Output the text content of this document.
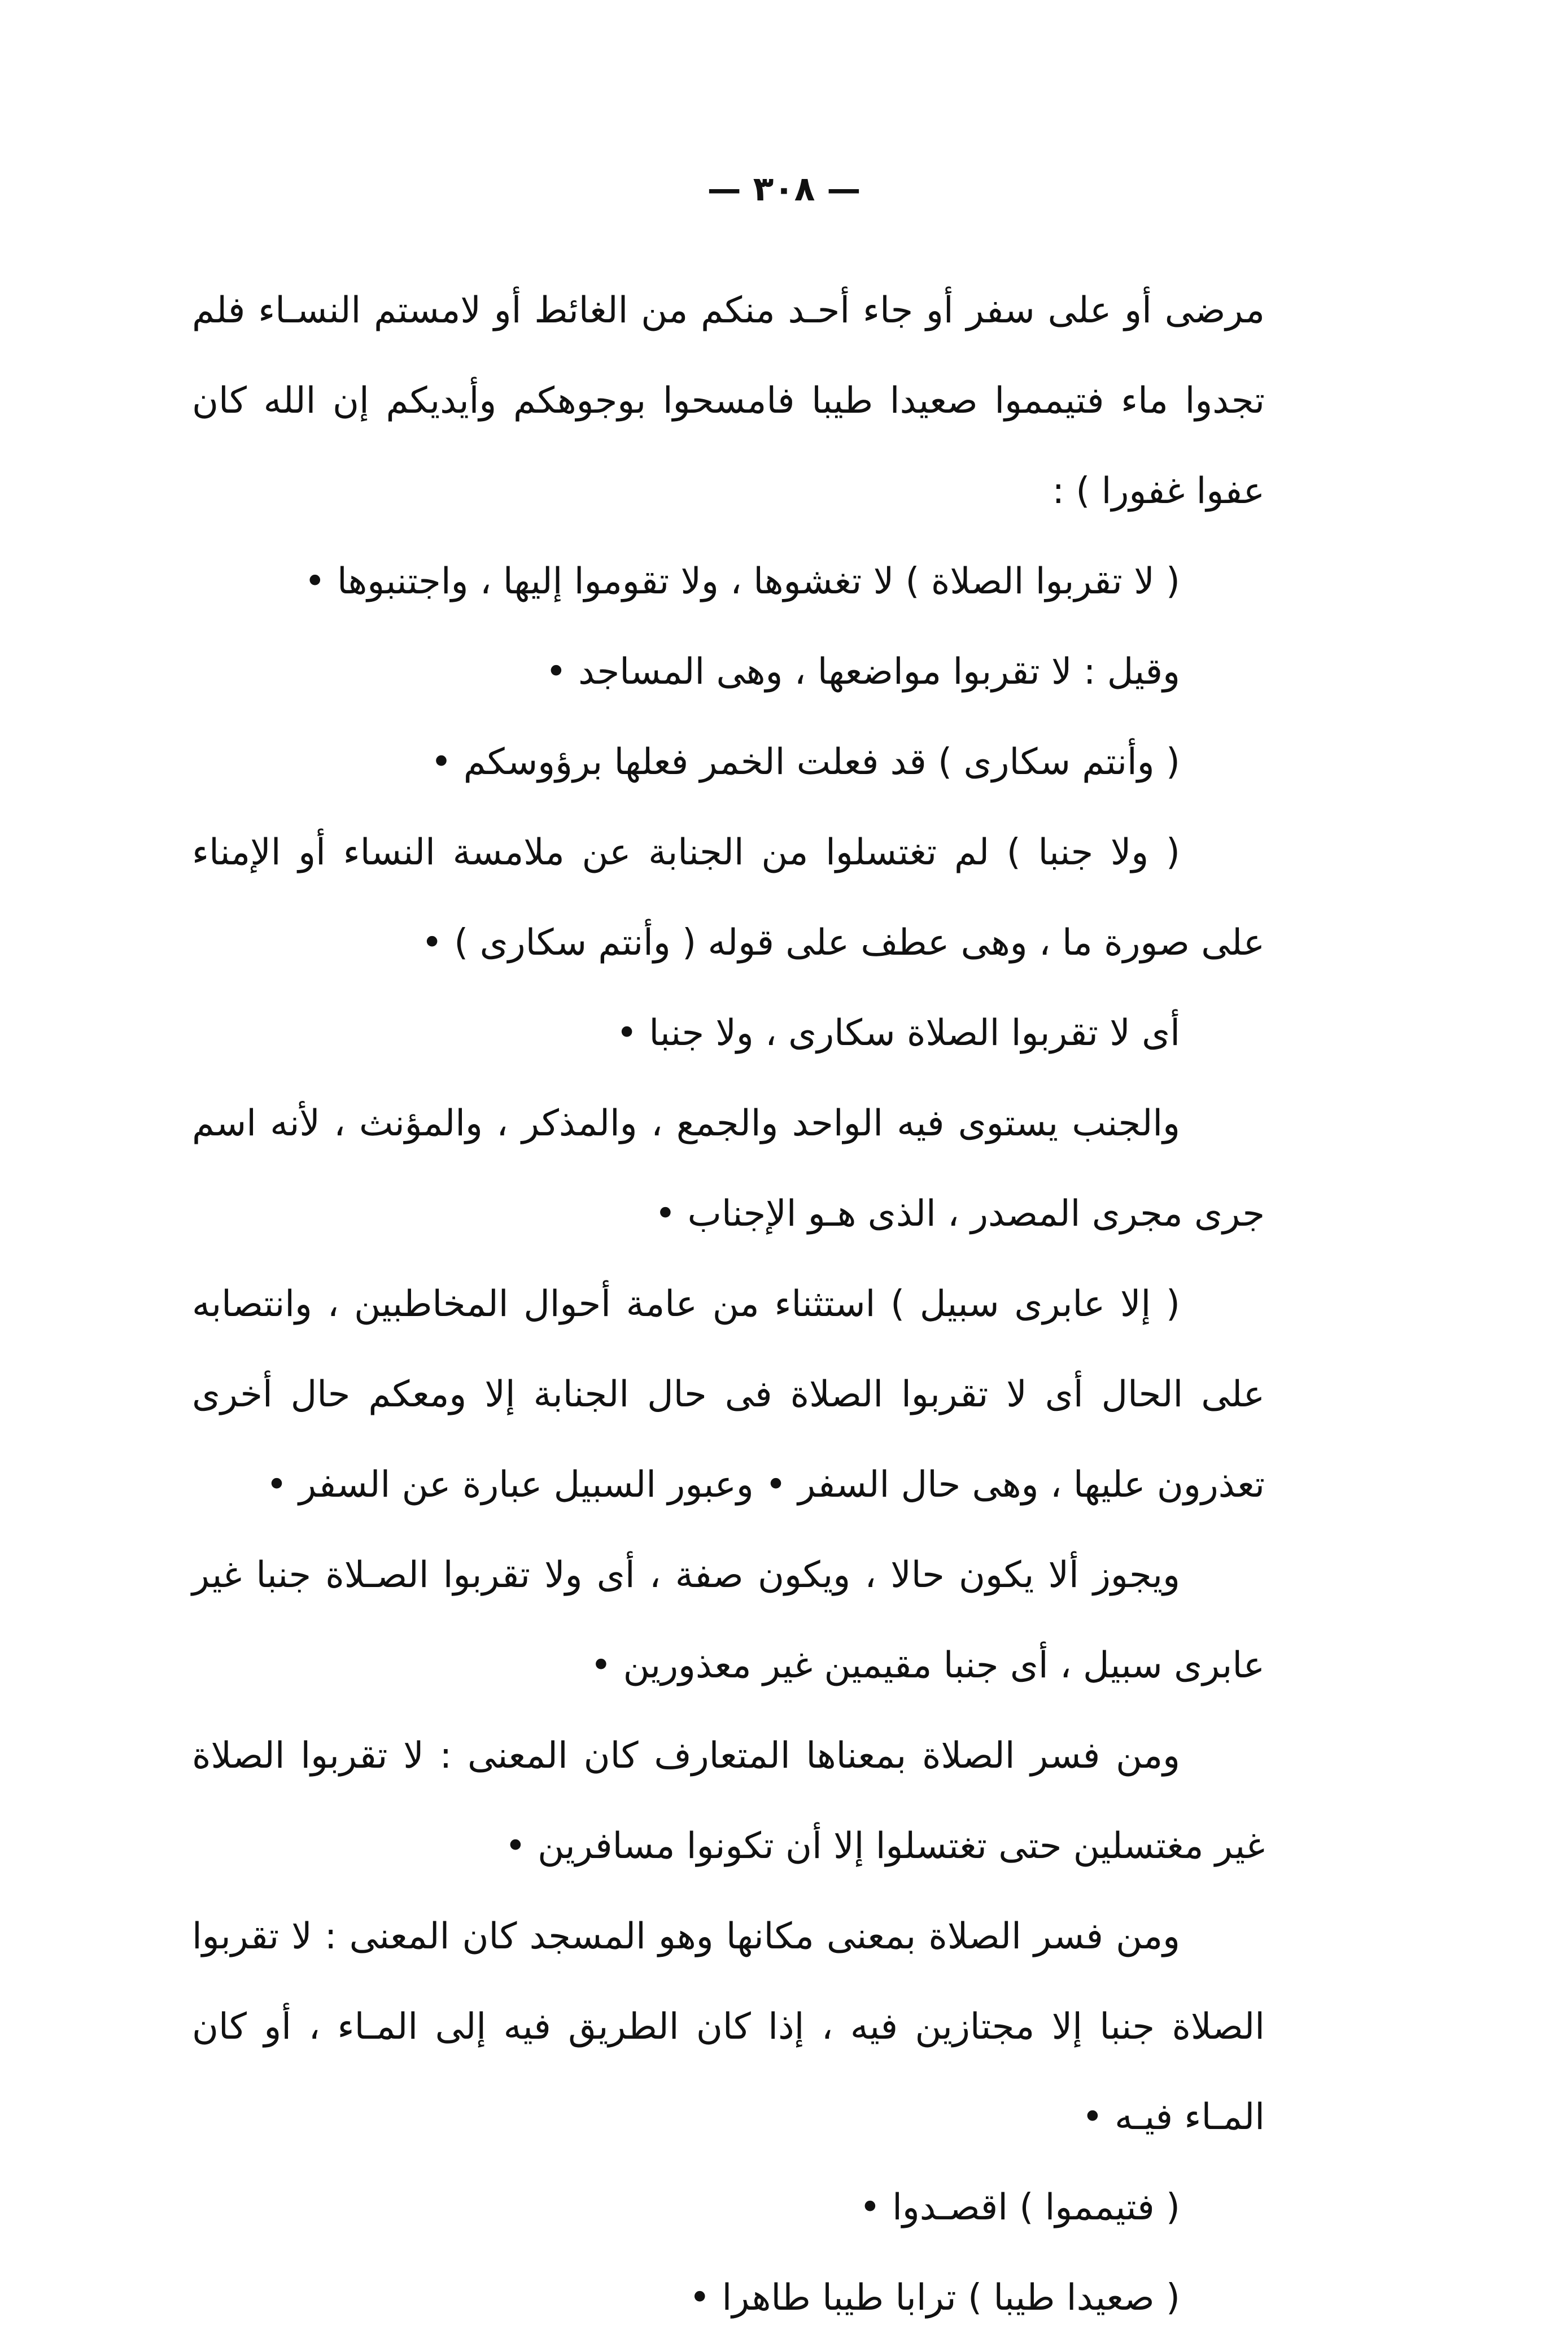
— ٣٠٨ —

مرضى أو على سفر أو جاء أحـد منكم من الغائط أو لامستم النسـاء فلم تجدوا ماء فتيمموا صعيدا طيبا فامسحوا بوجوهكم وأيديكم إن الله كان عفوا غفورا ) :

( لا تقربوا الصلاة ) لا تغشوها ، ولا تقوموا إليها ، واجتنبوها •

وقيل : لا تقربوا مواضعها ، وهى المساجد •

( وأنتم سكارى ) قد فعلت الخمر فعلها برؤوسكم •

( ولا جنبا ) لم تغتسلوا من الجنابة عن ملامسة النساء أو الإمناء على صورة ما ، وهى عطف على قوله ( وأنتم سكارى ) •

أى لا تقربوا الصلاة سكارى ، ولا جنبا •

والجنب يستوى فيه الواحد والجمع ، والمذكر ، والمؤنث ، لأنه اسم جرى مجرى المصدر ، الذى هـو الإجناب •

( إلا عابرى سبيل ) استثناء من عامة أحوال المخاطبين ، وانتصابه على الحال أى لا تقربوا الصلاة فى حال الجنابة إلا ومعكم حال أخرى تعذرون عليها ، وهى حال السفر • وعبور السبيل عبارة عن السفر •

ويجوز ألا يكون حالا ، ويكون صفة ، أى ولا تقربوا الصـلاة جنبا غير عابرى سبيل ، أى جنبا مقيمين غير معذورين •

ومن فسر الصلاة بمعناها المتعارف كان المعنى : لا تقربوا الصلاة غير مغتسلين حتى تغتسلوا إلا أن تكونوا مسافرين •

ومن فسر الصلاة بمعنى مكانها وهو المسجد كان المعنى : لا تقربوا الصلاة جنبا إلا مجتازين فيه ، إذا كان الطريق فيه إلى المـاء ، أو كان المـاء فيـه •

( فتيمموا ) اقصـدوا •

( صعيدا طيبا ) ترابا طيبا طاهرا •
